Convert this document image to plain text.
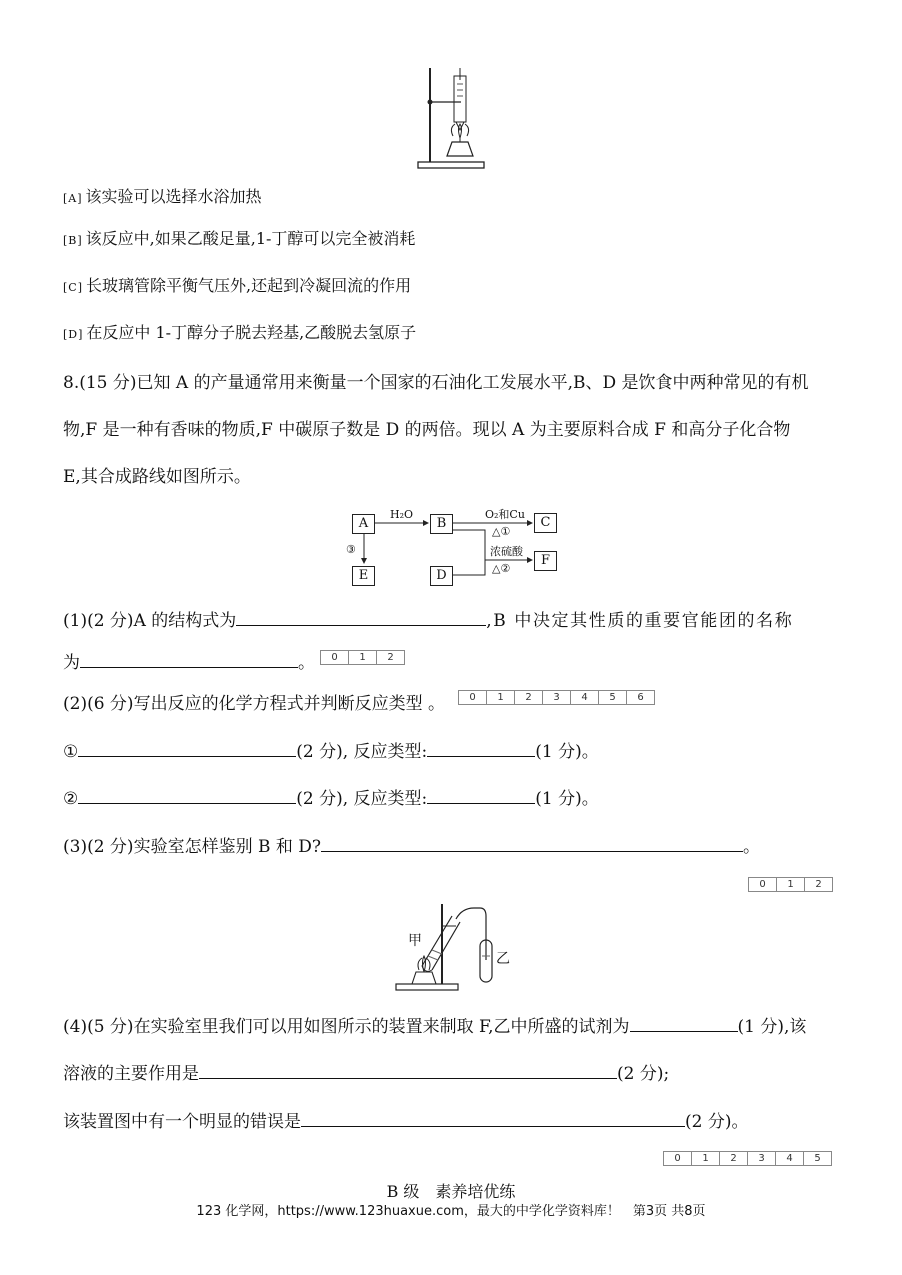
[A] 该实验可以选择水浴加热
[B] 该反应中,如果乙酸足量,1-丁醇可以完全被消耗
[C] 长玻璃管除平衡气压外,还起到冷凝回流的作用
[D] 在反应中 1-丁醇分子脱去羟基,乙酸脱去氢原子
8.(15 分)已知 A 的产量通常用来衡量一个国家的石油化工发展水平,B、D 是饮食中两种常见的有机
物,F 是一种有香味的物质,F 中碳原子数是 D 的两倍。现以 A 为主要原料合成 F 和高分子化合物
E,其合成路线如图所示。
A	B	C
E	D
F
H₂O	O₂和Cu
△①
浓硫酸
△②
③
(1)(2 分)A 的结构式为	,B 中决定其性质的重要官能团的名称
为	。	0	1	2
(2)(6 分)写出反应的化学方程式并判断反应类型 。	0	1	2	3	4	5	6
①	(2 分), 反应类型:	(1 分)。
②	(2 分), 反应类型:	(1 分)。
(3)(2 分)实验室怎样鉴别 B 和 D?	。
0	1	2
甲
乙
(4)(5 分)在实验室里我们可以用如图所示的装置来制取 F,乙中所盛的试剂为	(1 分),该
溶液的主要作用是	(2 分);
该装置图中有一个明显的错误是	(2 分)。
0	1	2	3	4	5
B 级　素养培优练
123 化学网，https://www.123huaxue.com，最大的中学化学资料库！　第3页 共8页
